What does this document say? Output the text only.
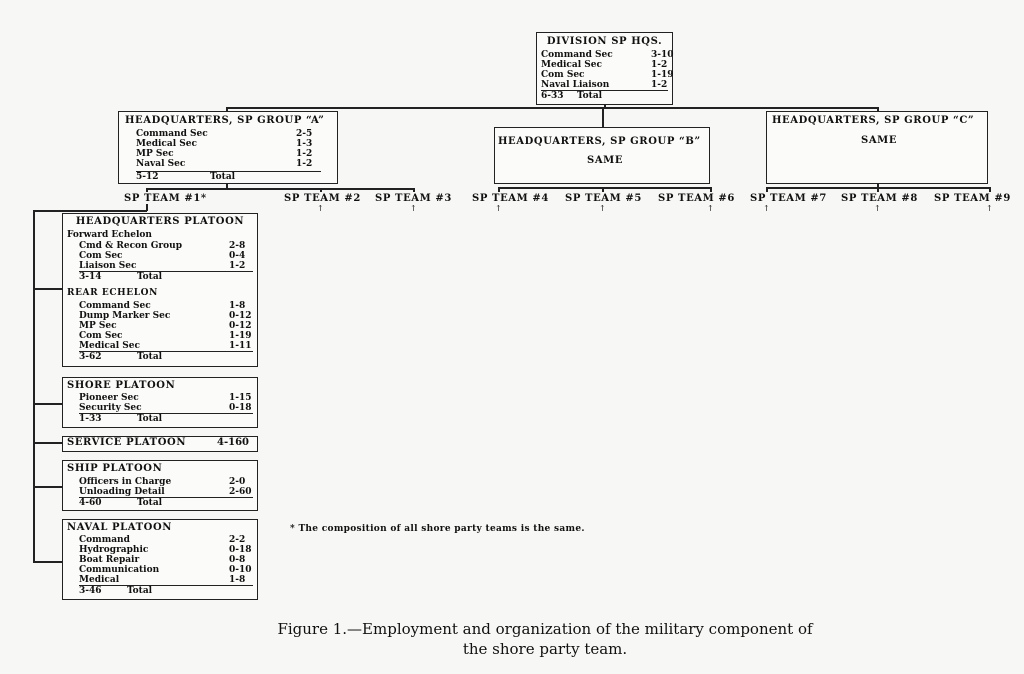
↑	↑	↑	↑	↑	↑	↑	↑
DIVISION SP HQS.
Command Sec	3-10
Medical Sec	1-2
Com Sec	1-19
Naval Liaison	1-2
Total
6-33
HEADQUARTERS, SP GROUP “A”
Command Sec	2-5
Medical Sec	1-3
MP Sec	1-2
Naval Sec	1-2
Total
5-12
HEADQUARTERS, SP GROUP “B”
SAME
HEADQUARTERS, SP GROUP “C”
SAME
SP TEAM #1*	SP TEAM #2 SP TEAM #3 SP TEAM #4 SP TEAM #5 SP TEAM #6 SP TEAM #7 SP TEAM #8 SP TEAM #9
HEADQUARTERS PLATOON
Forward Echelon
Cmd & Recon Group	2-8
Com Sec	0-4
Liaison Sec	1-2
Total
3-14
REAR ECHELON
Command Sec	1-8
Dump Marker Sec	0-12
MP Sec	0-12
Com Sec	1-19
Medical Sec	1-11
Total
3-62
SHORE PLATOON
Pioneer Sec	1-15
Security Sec	0-18
Total
1-33
SERVICE PLATOON	4-160
SHIP PLATOON
Officers in Charge	2-0
Unloading Detail	2-60
Total
4-60
NAVAL PLATOON
Command	2-2
Hydrographic	0-18
Boat Repair	0-8
Communication	0-10
Medical	1-8
Total
3-46
* The composition of all shore party teams is the same.
Figure 1.—Employment and organization of the military component of
the shore party team.
